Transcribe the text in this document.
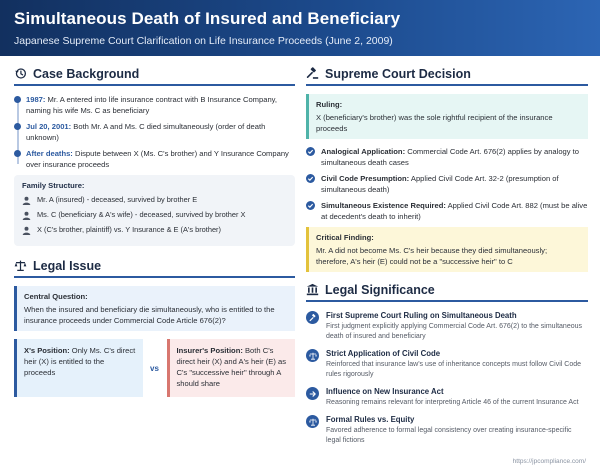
Simultaneous Death of Insured and Beneficiary
Japanese Supreme Court Clarification on Life Insurance Proceeds (June 2, 2009)
Case Background
1987: Mr. A entered into life insurance contract with B Insurance Company, naming his wife Ms. C as beneficiary
Jul 20, 2001: Both Mr. A and Ms. C died simultaneously (order of death unknown)
After deaths: Dispute between X (Ms. C's brother) and Y Insurance Company over insurance proceeds
Family Structure:
Mr. A (insured) - deceased, survived by brother E
Ms. C (beneficiary & A's wife) - deceased, survived by brother X
X (C's brother, plaintiff) vs. Y Insurance & E (A's brother)
Legal Issue
Central Question:
When the insured and beneficiary die simultaneously, who is entitled to the insurance proceeds under Commercial Code Article 676(2)?
X's Position: Only Ms. C's direct heir (X) is entitled to the proceeds	vs
Insurer's Position: Both C's direct heir (X) and A's heir (E) as C's "successive heir" through A should share
Supreme Court Decision
Ruling:
X (beneficiary's brother) was the sole rightful recipient of the insurance proceeds
Analogical Application: Commercial Code Art. 676(2) applies by analogy to simultaneous death cases
Civil Code Presumption: Applied Civil Code Art. 32-2 (presumption of simultaneous death)
Simultaneous Existence Required: Applied Civil Code Art. 882 (must be alive at decedent's death to inherit)
Critical Finding:
Mr. A did not become Ms. C's heir because they died simultaneously; therefore, A's heir (E) could not be a "successive heir" to C
Legal Significance
First Supreme Court Ruling on Simultaneous Death
First judgment explicitly applying Commercial Code Art. 676(2) to the simultaneous death of insured and beneficiary
Strict Application of Civil Code
Reinforced that insurance law's use of inheritance concepts must follow Civil Code rules rigorously
Influence on New Insurance Act
Reasoning remains relevant for interpreting Article 46 of the current Insurance Act
Formal Rules vs. Equity
Favored adherence to formal legal consistency over creating insurance-specific legal fictions
https://jpcompliance.com/
